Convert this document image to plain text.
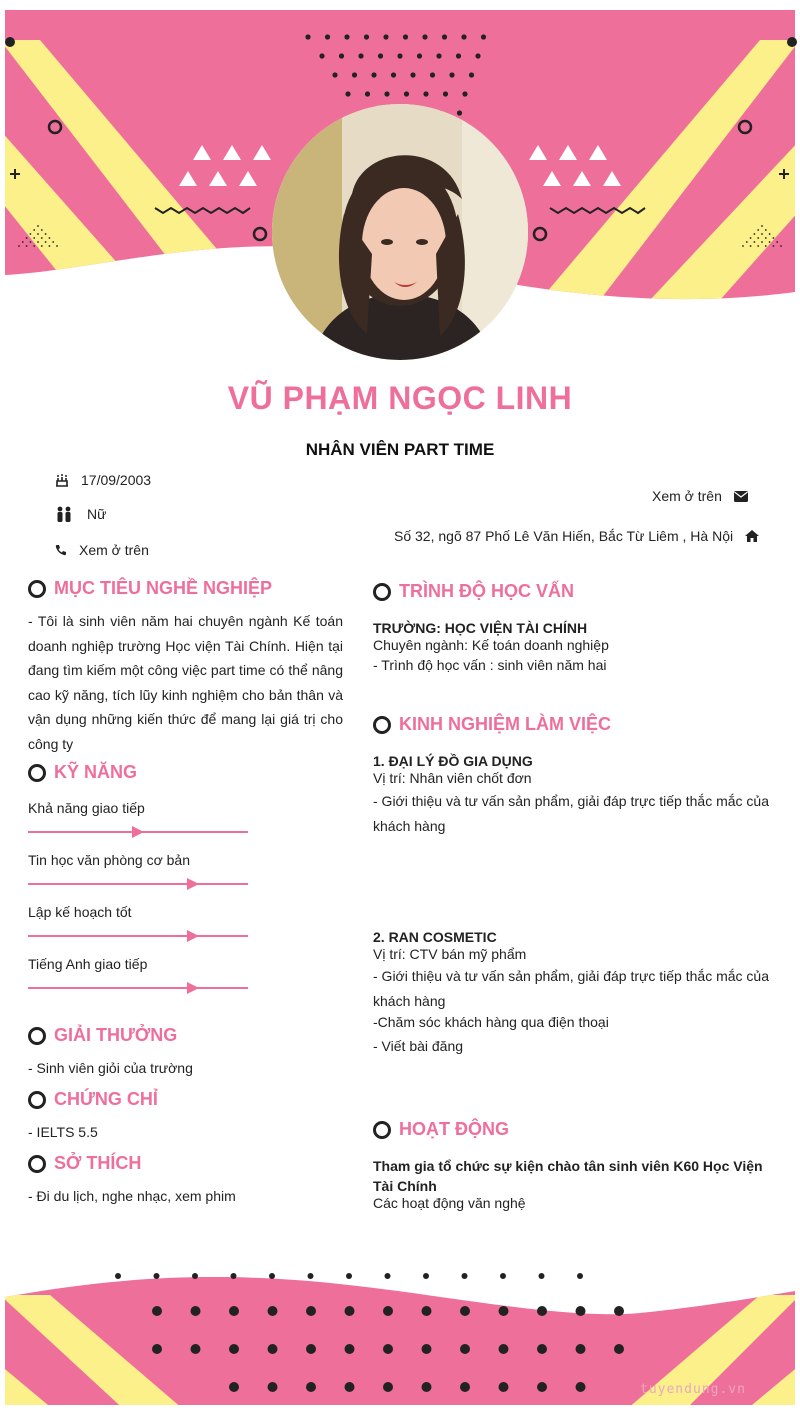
VŨ PHẠM NGỌC LINH
NHÂN VIÊN PART TIME
17/09/2003
Nữ
Xem ở trên
Xem ở trên
Số 32, ngõ 87 Phố Lê Văn Hiến, Bắc Từ Liêm , Hà Nội
MỤC TIÊU NGHỀ NGHIỆP
- Tôi là sinh viên năm hai chuyên ngành Kế toán doanh nghiệp trường Học viện Tài Chính. Hiện tại đang tìm kiếm một công việc part time có thể nâng cao kỹ năng, tích lũy kinh nghiệm cho bản thân và vận dụng những kiến thức để mang lại giá trị cho công ty
KỸ NĂNG
Khả năng giao tiếp
Tin học văn phòng cơ bản
Lập kế hoạch tốt
Tiếng Anh giao tiếp
GIẢI THƯỞNG
- Sinh viên giỏi của trường
CHỨNG CHỈ
- IELTS 5.5
SỞ THÍCH
- Đi du lịch, nghe nhạc, xem phim
TRÌNH ĐỘ HỌC VẤN
TRƯỜNG: HỌC VIỆN TÀI CHÍNH
Chuyên ngành: Kế toán doanh nghiệp
- Trình độ học vấn : sinh viên năm hai
KINH NGHIỆM LÀM VIỆC
1. ĐẠI LÝ ĐỒ GIA DỤNG
Vị trí: Nhân viên chốt đơn
- Giới thiệu và tư vấn sản phẩm, giải đáp trực tiếp thắc mắc của khách hàng
2. RAN COSMETIC
Vị trí: CTV bán mỹ phẩm
- Giới thiệu và tư vấn sản phẩm, giải đáp trực tiếp thắc mắc của khách hàng
-Chăm sóc khách hàng qua điện thoại
- Viết bài đăng
HOẠT ĐỘNG
Tham gia tổ chức sự kiện chào tân sinh viên K60 Học Viện Tài Chính
Các hoạt động văn nghệ
tuyendung.vn
